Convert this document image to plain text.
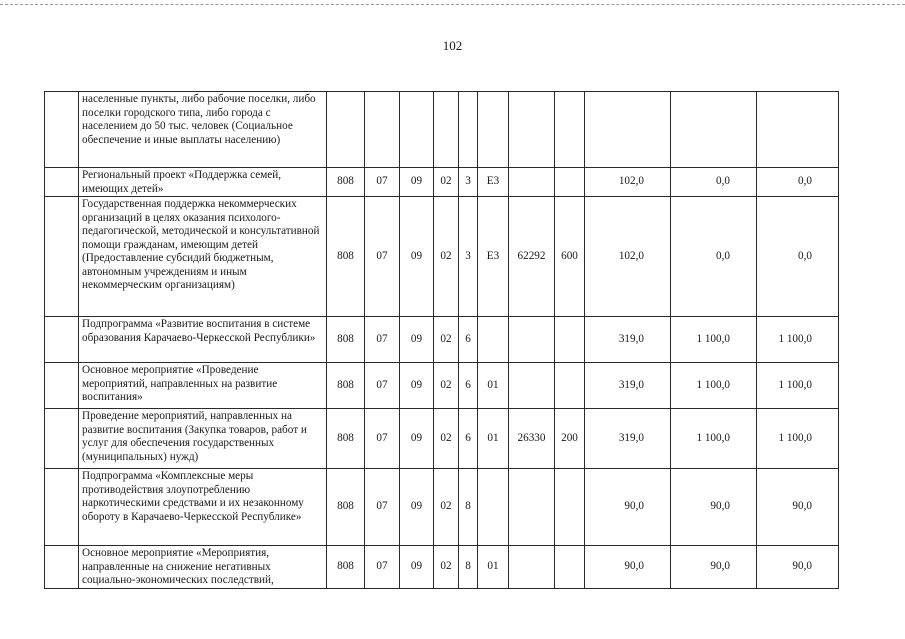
102
	населенные пункты, либо рабочие поселки, либо поселки городского типа, либо города с населением до 50 тыс. человек (Социальное обеспечение и иные выплаты населению)											
	Региональный проект «Поддержка семей, имеющих детей»	808	07	09	02	3	Е3			102,0	0,0	0,0
	Государственная поддержка некоммерческих организаций в целях оказания психолого-педагогической, методической и консультативной помощи гражданам, имеющим детей (Предоставление субсидий бюджетным, автономным учреждениям и иным некоммерческим организациям)	808	07	09	02	3	Е3	62292	600	102,0	0,0	0,0
	Подпрограмма «Развитие воспитания в системе образования Карачаево-Черкесской Республики»	808	07	09	02	6				319,0	1 100,0	1 100,0
	Основное мероприятие «Проведение мероприятий, направленных на развитие воспитания»	808	07	09	02	6	01			319,0	1 100,0	1 100,0
	Проведение мероприятий, направленных на развитие воспитания (Закупка товаров, работ и услуг для обеспечения государственных (муниципальных) нужд)	808	07	09	02	6	01	26330	200	319,0	1 100,0	1 100,0
	Подпрограмма «Комплексные меры противодействия злоупотреблению наркотическими средствами и их незаконному обороту в Карачаево-Черкесской Республике»	808	07	09	02	8				90,0	90,0	90,0
	Основное мероприятие «Мероприятия, направленные на снижение негативных социально-экономических последствий,	808	07	09	02	8	01			90,0	90,0	90,0
